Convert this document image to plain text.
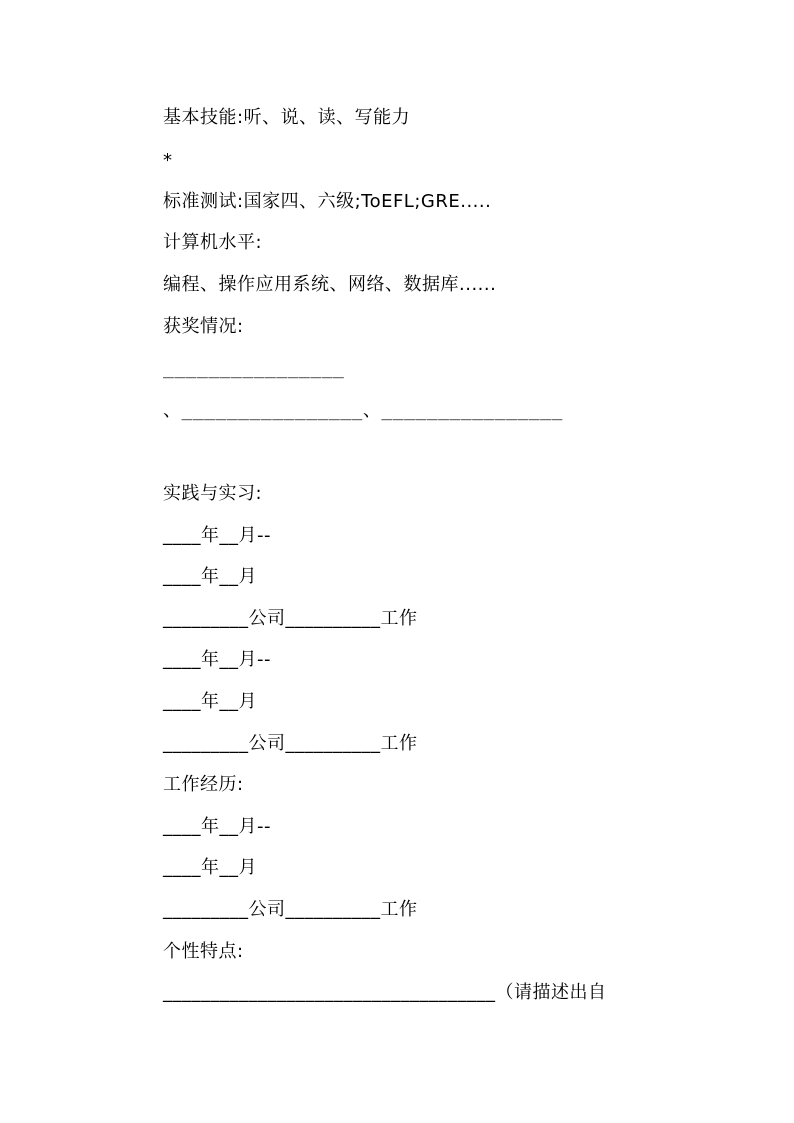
基本技能:听、说、读、写能力
*
标准测试:国家四、六级;ToEFL;GRE.....
计算机水平:
编程、操作应用系统、网络、数据库......
获奖情况:
________________
、________________、________________
实践与实习:
____年__月--
____年__月
_________公司__________工作
____年__月--
____年__月
_________公司__________工作
工作经历:
____年__月--
____年__月
_________公司__________工作
个性特点:
___________________________________（请描述出自
